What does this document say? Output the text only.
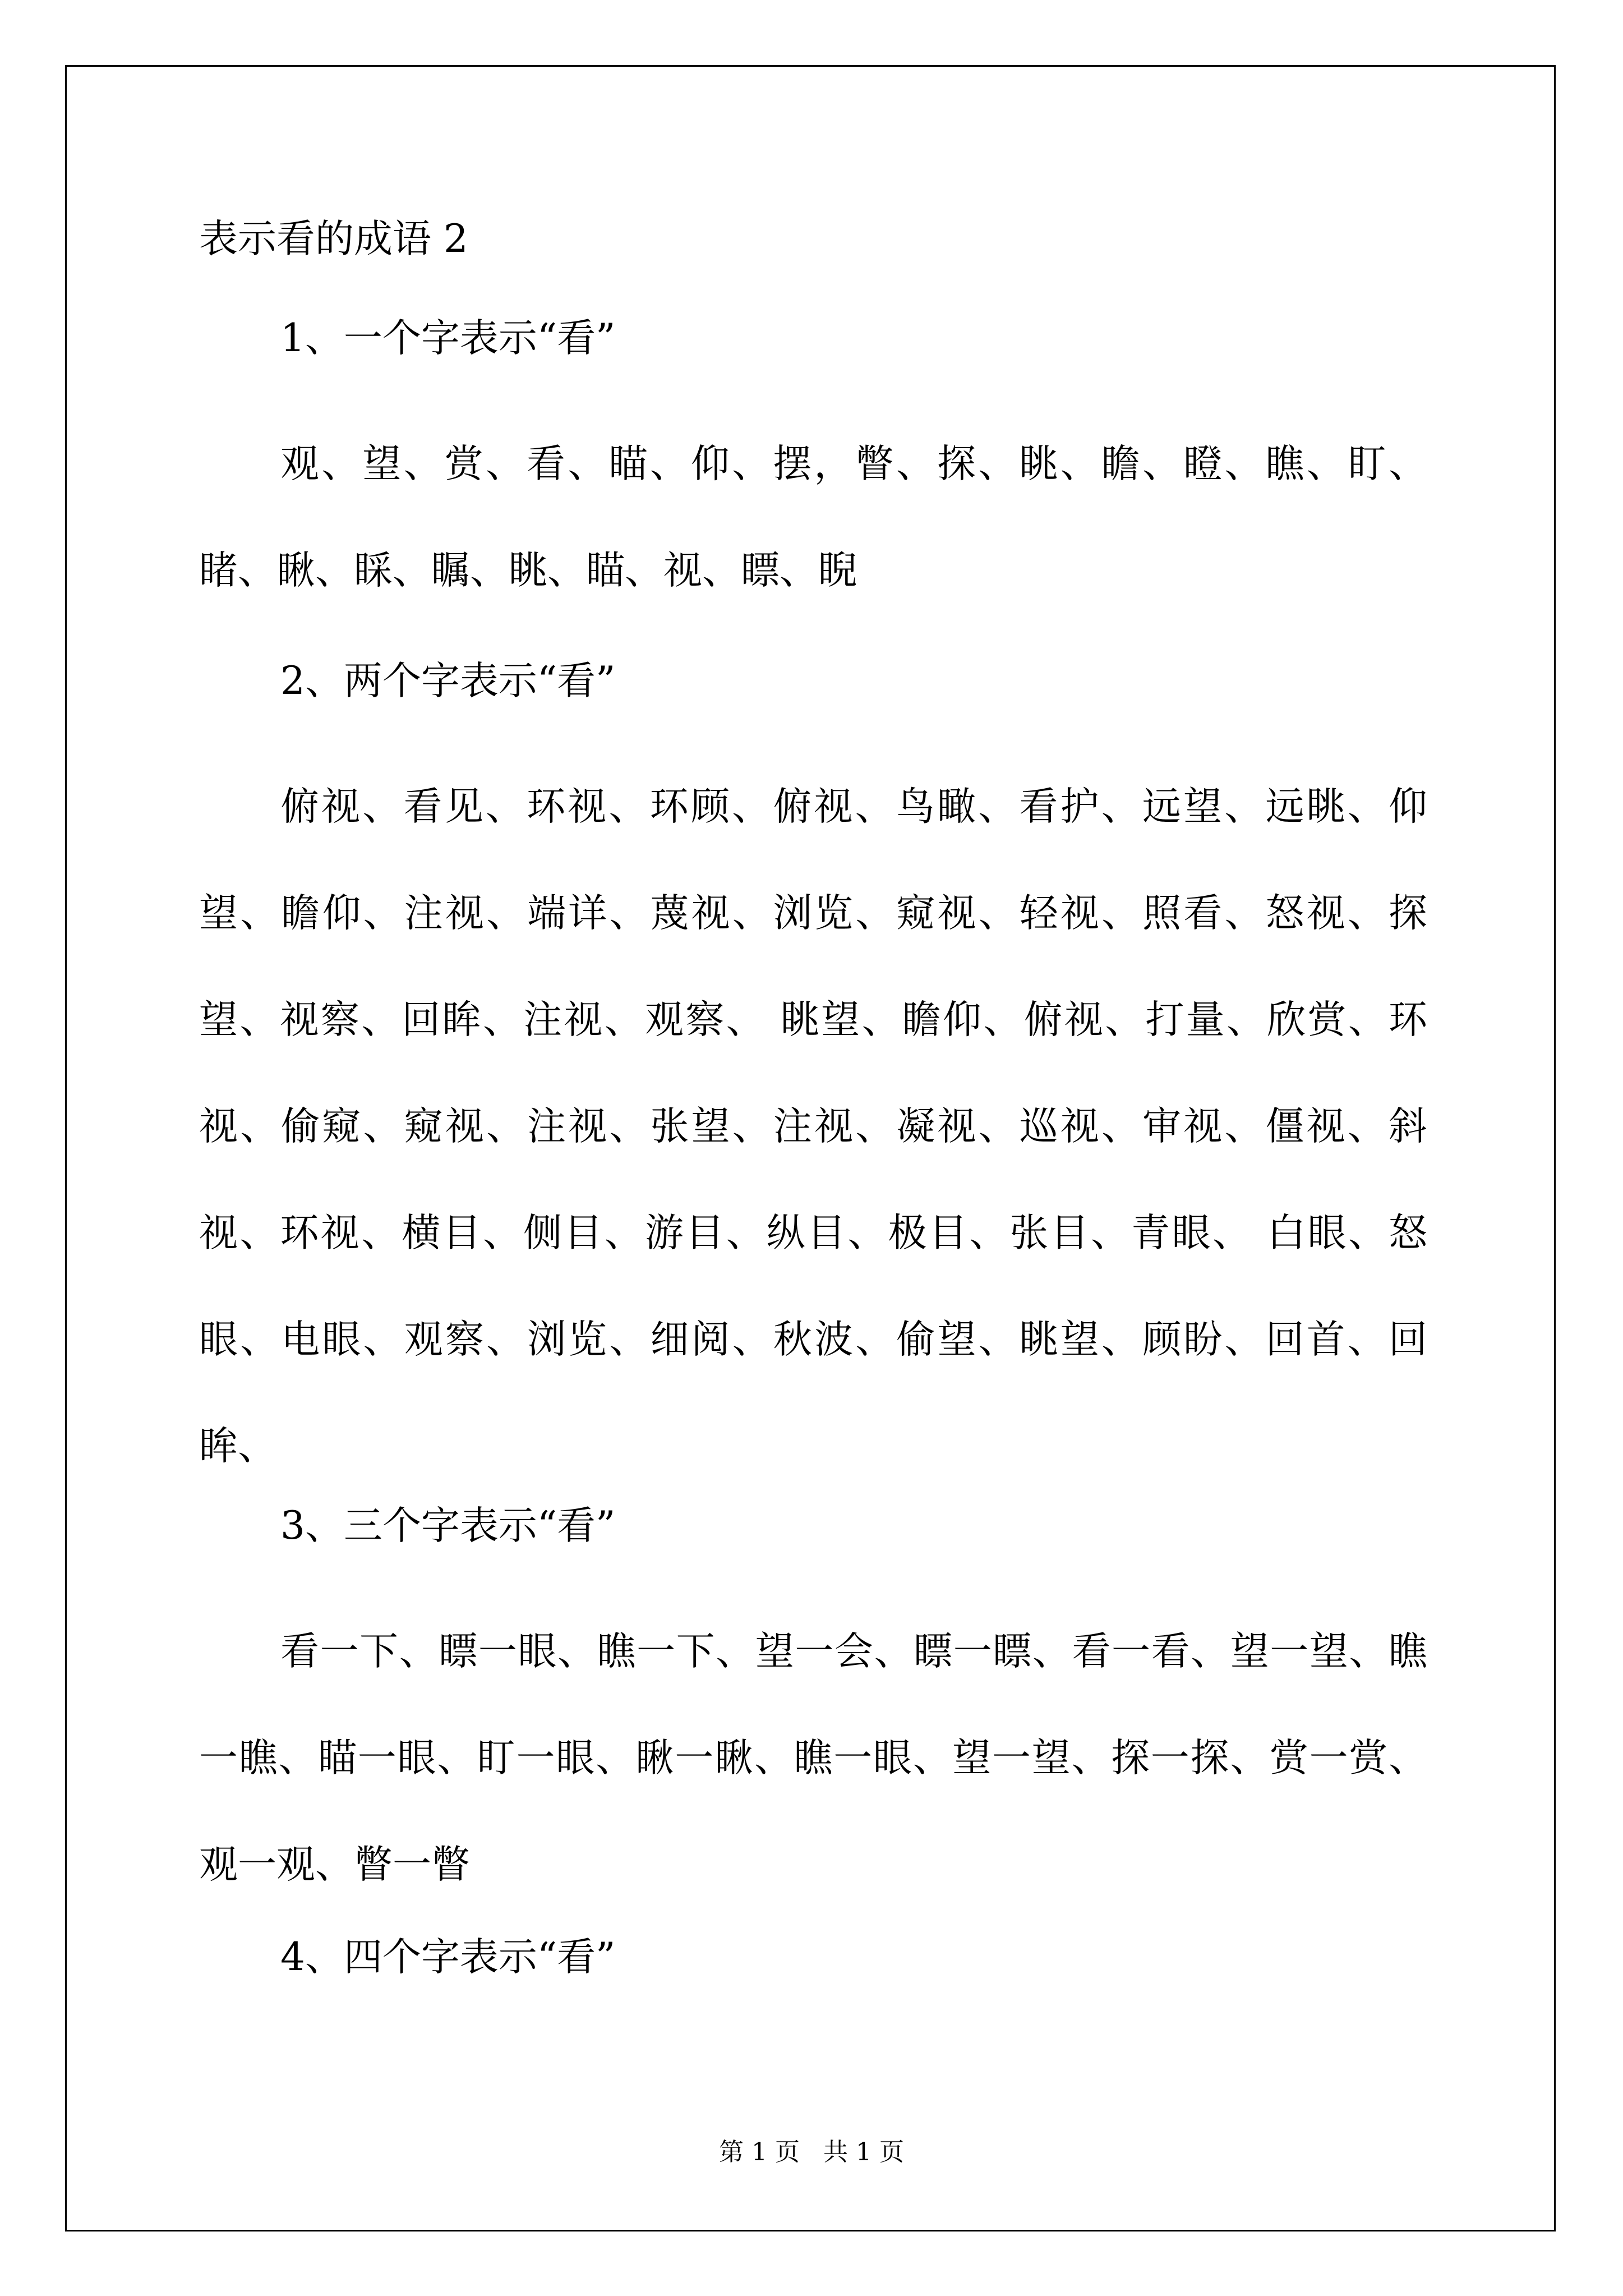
表示看的成语 2
1、一个字表示“看”

观、望、赏、看、瞄、仰、摆，瞥、探、眺、瞻、瞪、瞧、盯、睹、瞅、睬、瞩、眺、瞄、视、瞟、睨

2、两个字表示“看”

俯视、看见、环视、环顾、俯视、鸟瞰、看护、远望、远眺、仰望、瞻仰、注视、端详、蔑视、浏览、窥视、轻视、照看、怒视、探望、视察、回眸、注视、观察、 眺望、瞻仰、俯视、打量、欣赏、环视、偷窥、窥视、注视、张望、注视、凝视、巡视、审视、僵视、斜视、环视、横目、侧目、游目、纵目、极目、张目、青眼、 白眼、怒眼、电眼、观察、浏览、细阅、秋波、偷望、眺望、顾盼、回首、回眸、

3、三个字表示“看”

看一下、瞟一眼、瞧一下、望一会、瞟一瞟、看一看、望一望、瞧一瞧、瞄一眼、盯一眼、瞅一瞅、瞧一眼、望一望、探一探、赏一赏、观一观、瞥一瞥

4、四个字表示“看”
第 1 页   共 1 页
